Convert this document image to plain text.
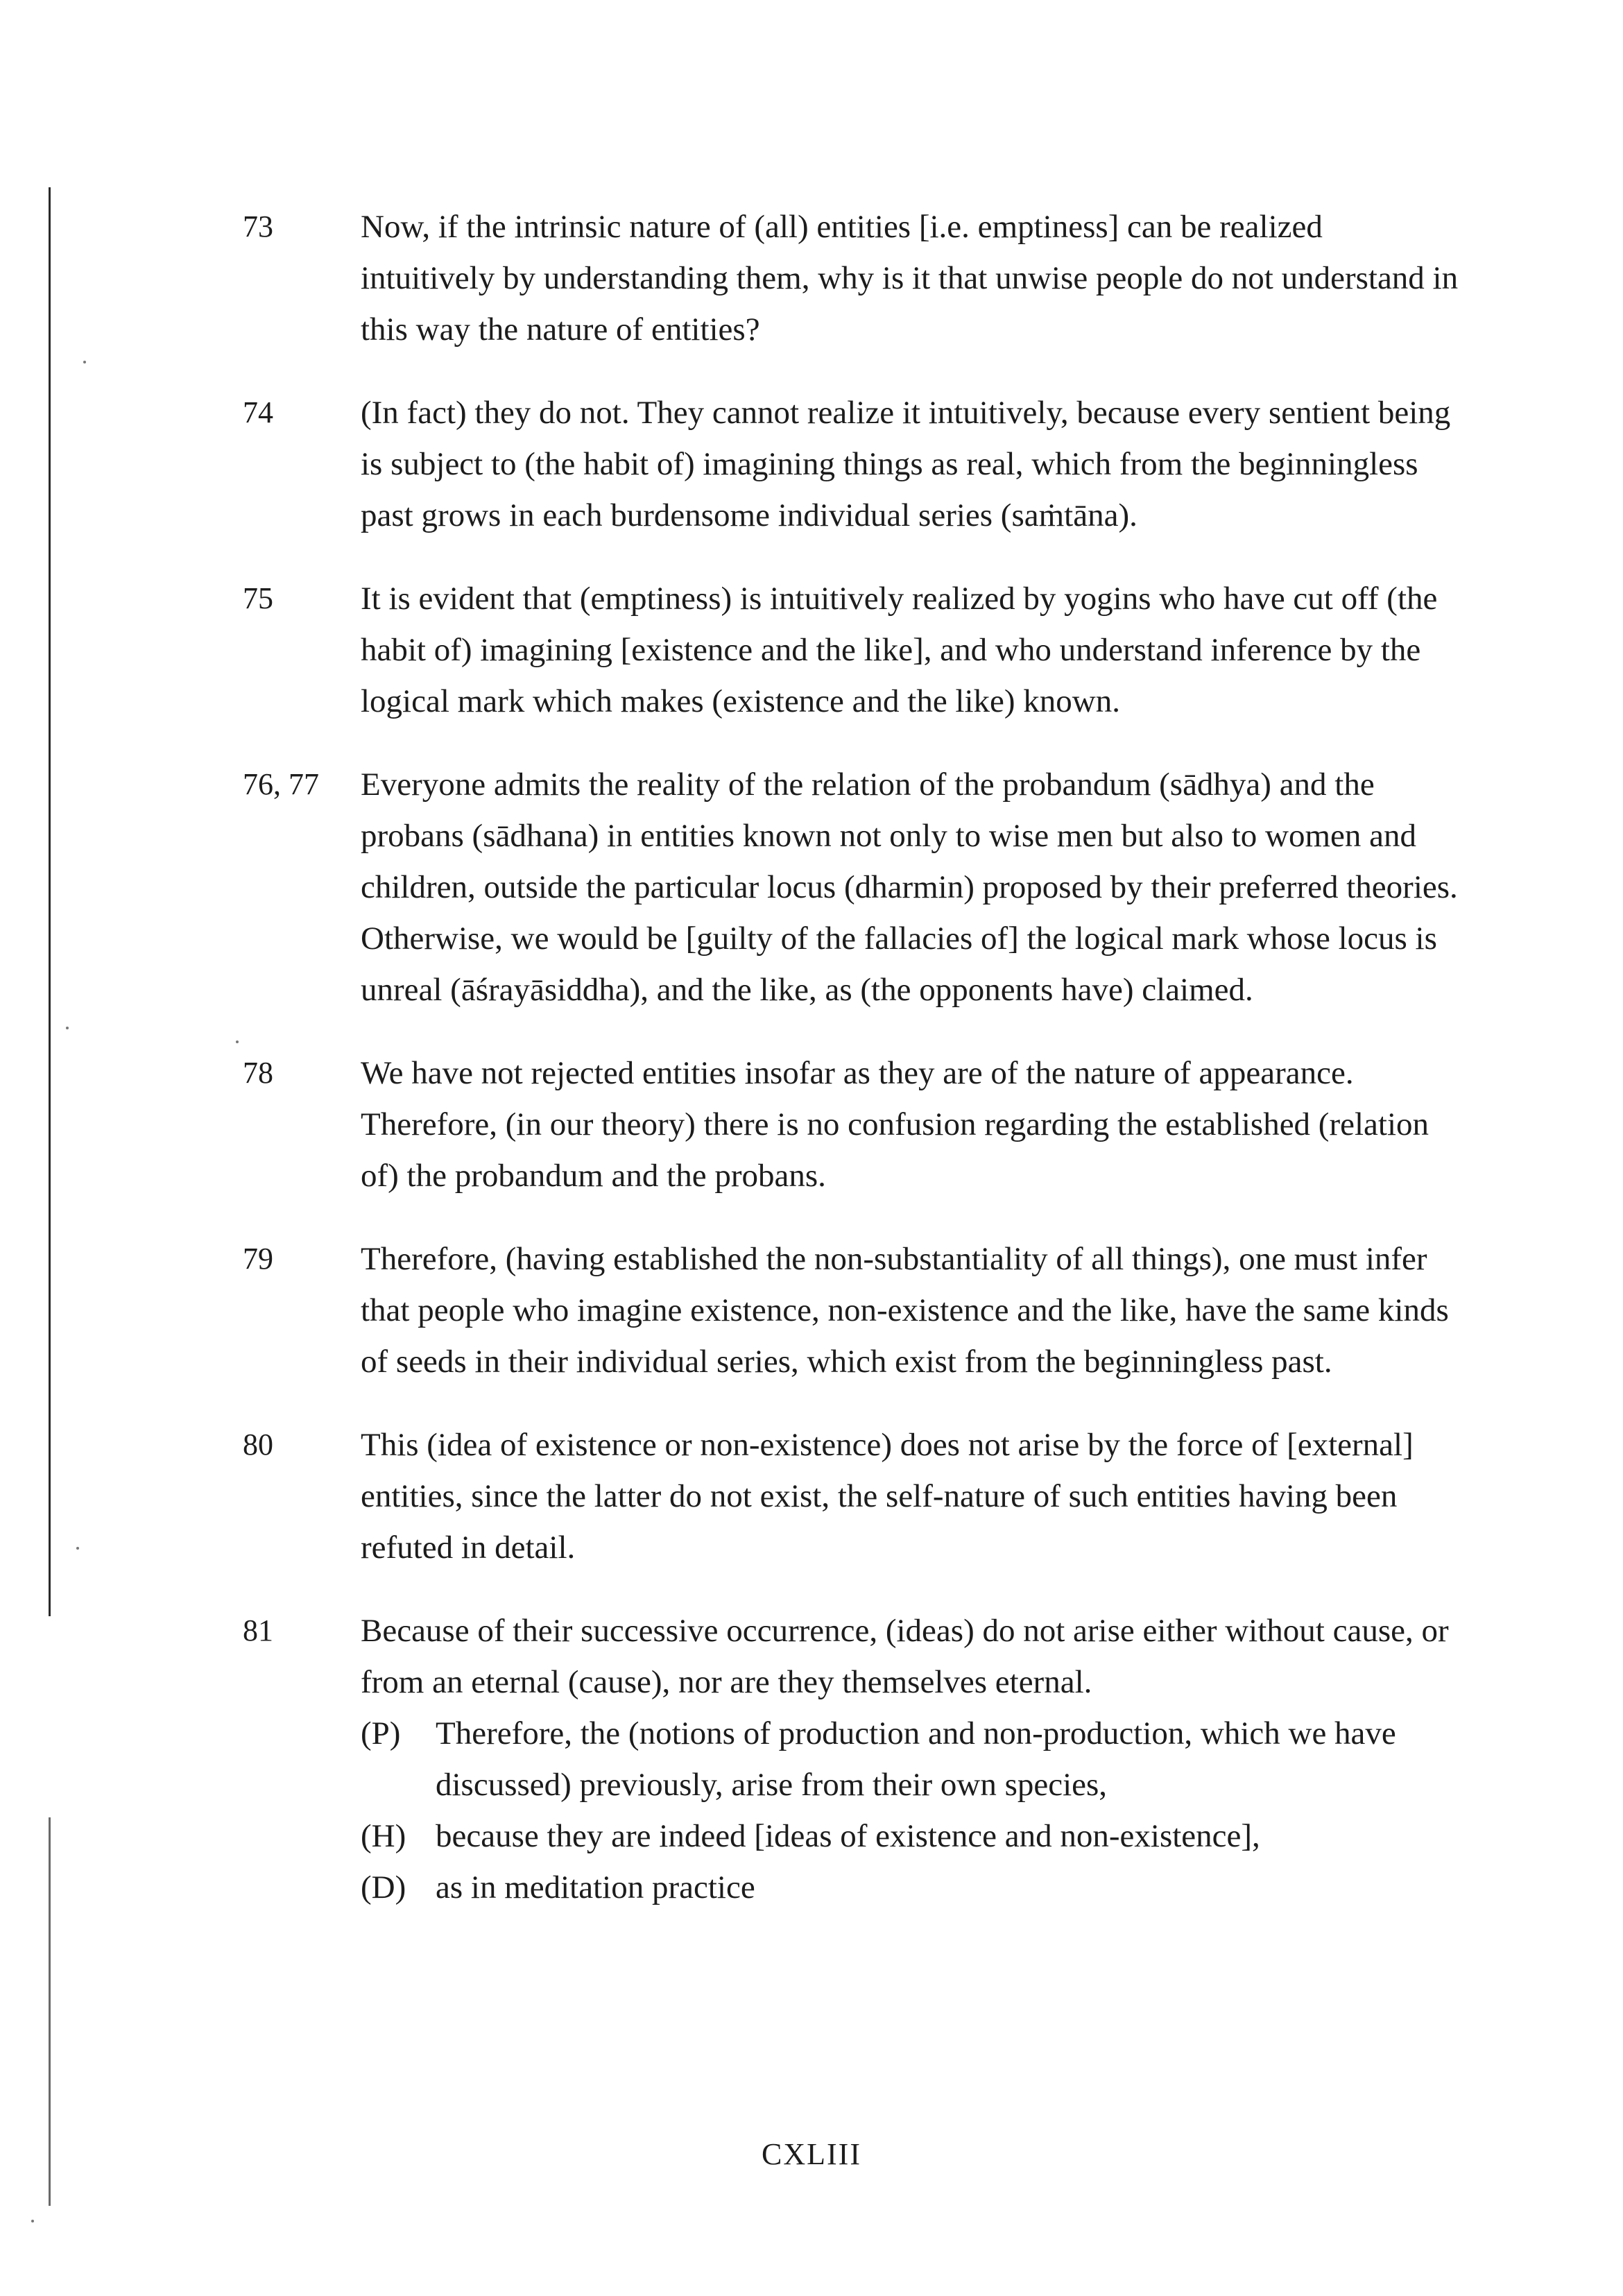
73	Now, if the intrinsic nature of (all) entities [i.e. emptiness] can be realized intuitively by understanding them, why is it that unwise people do not understand in this way the nature of entities?
74	(In fact) they do not. They cannot realize it intuitively, because every sentient being is subject to (the habit of) imagining things as real, which from the beginningless past grows in each burdensome individual series (saṁtāna).
75	It is evident that (emptiness) is intuitively realized by yogins who have cut off (the habit of) imagining [existence and the like], and who understand inference by the logical mark which makes (existence and the like) known.
76, 77 Everyone admits the reality of the relation of the probandum (sādhya) and the probans (sādhana) in entities known not only to wise men but also to women and children, outside the particular locus (dharmin) proposed by their preferred theories.
Otherwise, we would be [guilty of the fallacies of] the logical mark whose locus is unreal (āśrayāsiddha), and the like, as (the opponents have) claimed.
78	We have not rejected entities insofar as they are of the nature of appearance. Therefore, (in our theory) there is no confusion regarding the established (relation of) the probandum and the probans.
79	Therefore, (having established the non-substantiality of all things), one must infer that people who imagine existence, non-existence and the like, have the same kinds of seeds in their individual series, which exist from the beginningless past.
80	This (idea of existence or non-existence) does not arise by the force of [external] entities, since the latter do not exist, the self-nature of such entities having been refuted in detail.
81	Because of their successive occurrence, (ideas) do not arise either without cause, or from an eternal (cause), nor are they themselves eternal.
(P) Therefore, the (notions of production and non-production, which we have discussed) previously, arise from their own species,
(H) because they are indeed [ideas of existence and non-existence],
(D) as in meditation practice
CXLIII
